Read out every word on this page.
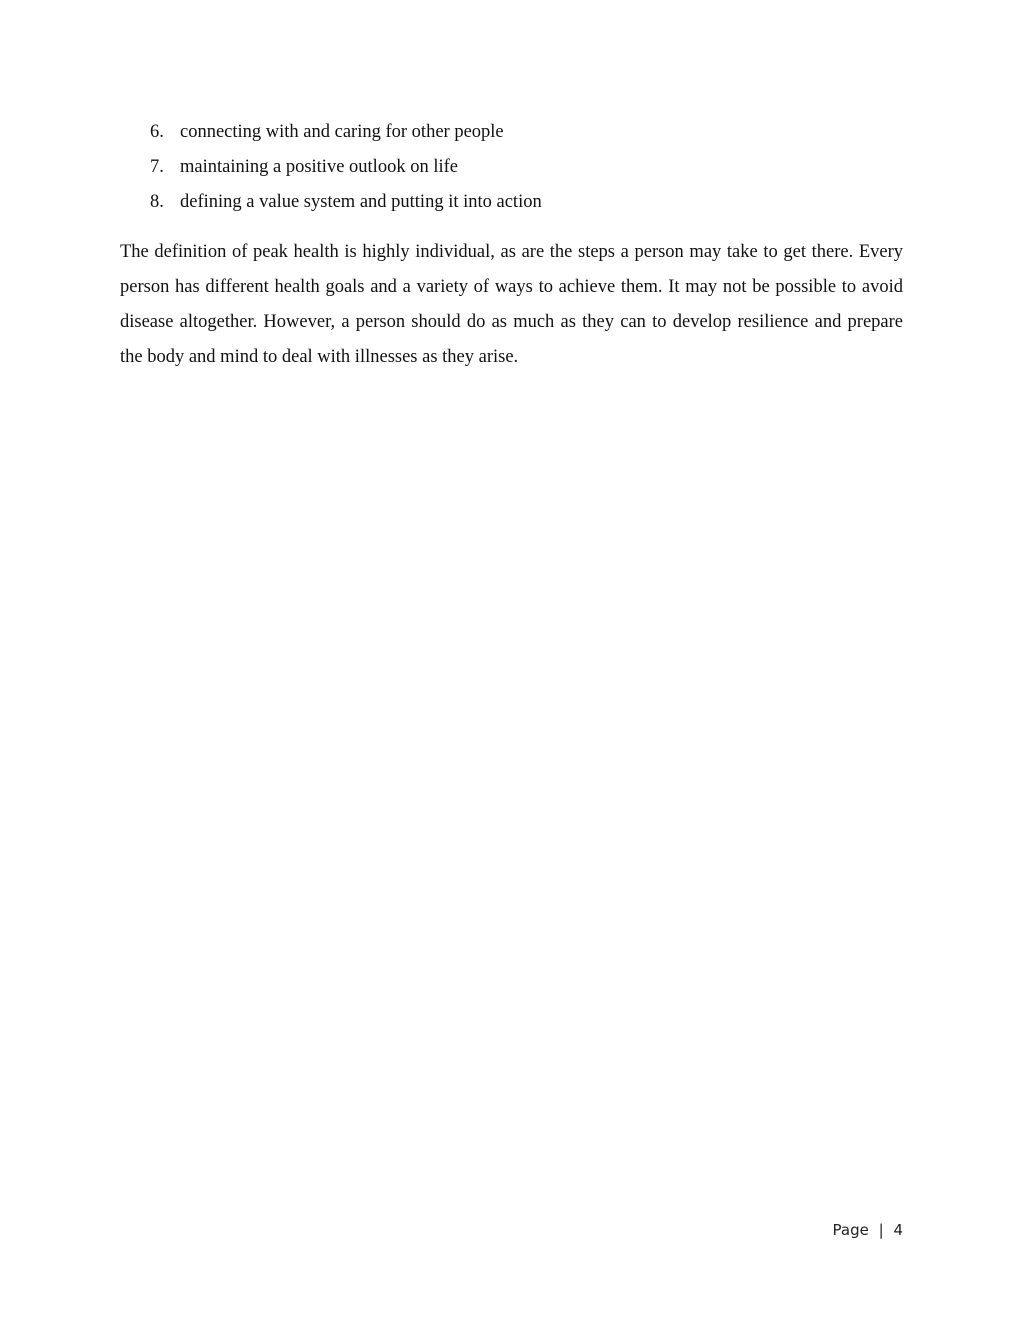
6. connecting with and caring for other people
7. maintaining a positive outlook on life
8. defining a value system and putting it into action

The definition of peak health is highly individual, as are the steps a person may take to get there. Every person has different health goals and a variety of ways to achieve them. It may not be possible to avoid disease altogether. However, a person should do as much as they can to develop resilience and prepare the body and mind to deal with illnesses as they arise.

Page | 4
